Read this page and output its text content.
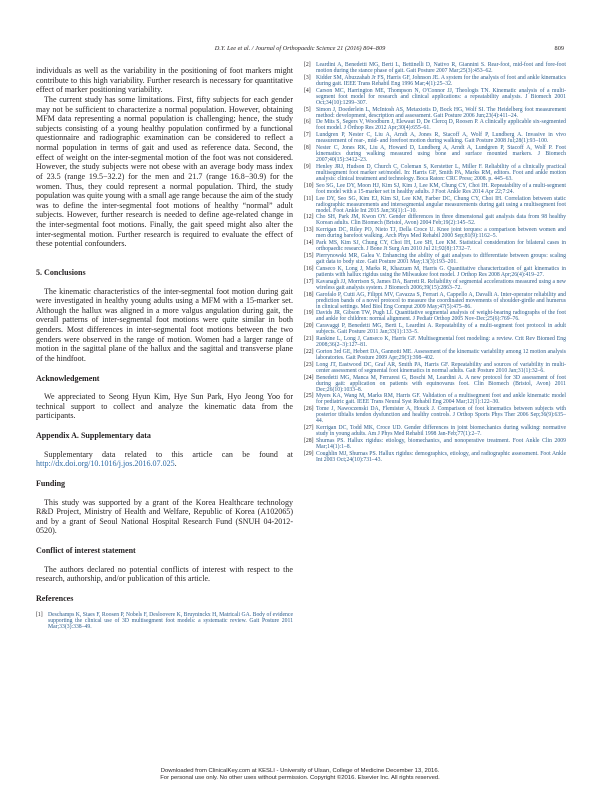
D.Y. Lee et al. / Journal of Orthopaedic Science 21 (2016) 804–809	809

individuals as well as the variability in the positioning of foot markers might contribute to this high variability. Further research is necessary for quantitative effect of marker positioning variability.

The current study has some limitations. First, fifty subjects for each gender may not be sufficient to characterize a normal population. However, obtaining MFM data representing a normal population is challenging; hence, the study subjects consisting of a young healthy population confirmed by a functional questionnaire and radiographic examination can be considered to reflect a normal population in terms of gait and used as reference data. Second, the effect of weight on the inter-segmental motion of the foot was not considered. However, the study subjects were not obese with an average body mass index of 23.5 (range 19.5−32.2) for the men and 21.7 (range 16.8−30.9) for the women. Thus, they could represent a normal population. Third, the study population was quite young with a small age range because the aim of the study was to define the inter-segmental foot motions of healthy “normal” adult subjects. However, further research is needed to define age-related change in the inter-segmental foot motions. Finally, the gait speed might also alter the inter-segmental motion. Further research is required to evaluate the effect of these potential confounders.

5. Conclusions

The kinematic characteristics of the inter-segmental foot motion during gait were investigated in healthy young adults using a MFM with a 15-marker set. Although the hallux was aligned in a more valgus angulation during gait, the overall patterns of inter-segmental foot motions were quite similar in both genders. Most differences in inter-segmental foot motions between the two genders were observed in the range of motion. Women had a larger range of motion in the sagittal plane of the hallux and the sagittal and transverse plane of the hindfoot.

Acknowledgement

We appreciated to Seong Hyun Kim, Hye Sun Park, Hyo Jeong Yoo for technical support to collect and analyze the kinematic data from the participants.

Appendix A. Supplementary data

Supplementary data related to this article can be found at http://dx.doi.org/10.1016/j.jos.2016.07.025.

Funding

This study was supported by a grant of the Korea Healthcare technology R&D Project, Ministry of Health and Welfare, Republic of Korea (A102065) and by a grant of Seoul National Hospital Research Fund (SNUH 04-2012-0520).

Conflict of interest statement

The authors declared no potential conflicts of interest with respect to the research, authorship, and/or publication of this article.

References
[1] Deschamps K, Staes F, Roosen P, Nobels F, Desloovere K, Bruyninckx H, Matricali GA. Body of evidence supporting the clinical use of 3D multisegment foot models: a systematic review. Gait Posture 2011 Mar;33(3):338–49.
[2] Leardini A, Benedetti MG, Berti L, Bettinelli D, Nativo R, Giannini S. Rear-foot, mid-foot and fore-foot motion during the stance phase of gait. Gait Posture 2007 Mar;25(3):453–62.
[3] Kidder SM, Abuzzahab Jr FS, Harris GF, Johnson JE. A system for the analysis of foot and ankle kinematics during gait. IEEE Trans Rehabil Eng 1996 Mar;4(1):25–32.
[4] Carson MC, Harrington ME, Thompson N, O'Connor JJ, Theologis TN. Kinematic analysis of a multi-segment foot model for research and clinical applications: a repeatability analysis. J Biomech 2001 Oct;34(10):1299–307.
[5] Simon J, Doederlein L, McIntosh AS, Metaxiotis D, Bock HG, Wolf SI. The Heidelberg foot measurement method: development, description and assessment. Gait Posture 2006 Jun;23(4):411–24.
[6] De Mits S, Segers V, Woodburn J, Elewaut D, De Clercq D, Roosen P. A clinically applicable six-segmented foot model. J Orthop Res 2012 Apr;30(4):655–61.
[7] Lundgren P, Nester C, Liu A, Arndt A, Jones R, Stacoff A, Wolf P, Lundberg A. Invasive in vivo measurement of rear-, mid- and forefoot motion during walking. Gait Posture 2008 Jul;28(1):93–100.
[8] Nester C, Jones RK, Liu A, Howard D, Lundberg A, Arndt A, Lundgren P, Stacoff A, Wolf P. Foot kinematics during walking measured using bone and surface mounted markers. J Biomech 2007;40(15):3412–23.
[9] Henley JRJ, Hudson D, Church C, Coleman S, Kerstetter L, Miller F. Reliability of a clinically practical multisegment foot marker set/model. In: Harris GF, Smith PA, Marks RM, editors. Foot and ankle motion analysis: clinical treatment and technology. Boca Raton: CRC Press; 2008. p. 445–63.
[10] Seo SG, Lee DY, Moon HJ, Kim SJ, Kim J, Lee KM, Chung CY, Choi IH. Repeatability of a multi-segment foot model with a 15-marker set in healthy adults. J Foot Ankle Res 2014 Apr 22;7:24.
[11] Lee DY, Seo SG, Kim EJ, Kim SJ, Lee KM, Farber DC, Chung CY, Choi IH. Correlation between static radiographic measurements and intersegmental angular measurements during gait using a multisegment foot model. Foot Ankle Int 2015 Jan;36(1):1–10.
[12] Cho SH, Park JM, Kwon OY. Gender differences in three dimensional gait analysis data from 98 healthy Korean adults. Clin Biomech (Bristol, Avon) 2004 Feb;19(2):145–52.
[13] Kerrigan DC, Riley PO, Nieto TJ, Della Croce U. Knee joint torques: a comparison between women and men during barefoot walking. Arch Phys Med Rehabil 2000 Sep;81(9):1162–5.
[14] Park MS, Kim SJ, Chung CY, Choi IH, Lee SH, Lee KM. Statistical consideration for bilateral cases in orthopaedic research. J Bone Jt Surg Am 2010 Jul 21;92(8):1732–7.
[15] Pierrynowski MR, Galea V. Enhancing the ability of gait analyses to differentiate between groups: scaling gait data to body size. Gait Posture 2001 May;13(3):193–201.
[16] Canseco K, Long J, Marks R, Khazzam M, Harris G. Quantitative characterization of gait kinematics in patients with hallux rigidus using the Milwaukee foot model. J Orthop Res 2008 Apr;26(4):419–27.
[17] Kavanagh JJ, Morrison S, James DA, Barrett R. Reliability of segmental accelerations measured using a new wireless gait analysis system. J Biomech 2006;39(15):2863–72.
[18] Garofalo P, Cutti AG, Filippi MV, Cavazza S, Ferrari A, Cappello A, Davalli A. Inter-operator reliability and prediction bands of a novel protocol to measure the coordinated movements of shoulder-girdle and humerus in clinical settings. Med Biol Eng Comput 2009 May;47(5):475–86.
[19] Davids JR, Gibson TW, Pugh LI. Quantitative segmental analysis of weight-bearing radiographs of the foot and ankle for children: normal alignment. J Pediatr Orthop 2005 Nov-Dec;25(6):769–76.
[20] Caravaggi P, Benedetti MG, Berti L, Leardini A. Repeatability of a multi-segment foot protocol in adult subjects. Gait Posture 2011 Jan;33(1):133–5.
[21] Rankine L, Long J, Canseco K, Harris GF. Multisegmental foot modeling: a review. Crit Rev Biomed Eng 2008;36(2–3):127–81.
[22] Gorton 3rd GE, Hebert DA, Gannotti ME. Assessment of the kinematic variability among 12 motion analysis laboratories. Gait Posture 2009 Apr;29(3):398–402.
[23] Long JT, Eastwood DC, Graf AR, Smith PA, Harris GF. Repeatability and sources of variability in multi-center assessment of segmental foot kinematics in normal adults. Gait Posture 2010 Jan;31(1):32–6.
[24] Benedetti MG, Manca M, Ferraresi G, Boschi M, Leardini A. A new protocol for 3D assessment of foot during gait: application on patients with equinovarus foot. Clin Biomech (Bristol, Avon) 2011 Dec;26(10):1033–8.
[25] Myers KA, Wang M, Marks RM, Harris GF. Validation of a multisegment foot and ankle kinematic model for pediatric gait. IEEE Trans Neural Syst Rehabil Eng 2004 Mar;12(1):122–30.
[26] Tome J, Nawoczenski DA, Flemister A, Houck J. Comparison of foot kinematics between subjects with posterior tibialis tendon dysfunction and healthy controls. J Orthop Sports Phys Ther 2006 Sep;36(9):635–44.
[27] Kerrigan DC, Todd MK, Croce UD. Gender differences in joint biomechanics during walking: normative study in young adults. Am J Phys Med Rehabil 1998 Jan-Feb;77(1):2–7.
[28] Shurnas PS. Hallux rigidus: etiology, biomechanics, and nonoperative treatment. Foot Ankle Clin 2009 Mar;14(1):1–8.
[29] Coughlin MJ, Shurnas PS. Hallux rigidus: demographics, etiology, and radiographic assessment. Foot Ankle Int 2003 Oct;24(10):731–43.
Downloaded from ClinicalKey.com at KESLI - University of Ulsan, College of Medicine December 13, 2016.
For personal use only. No other uses without permission. Copyright ©2016. Elsevier Inc. All rights reserved.
